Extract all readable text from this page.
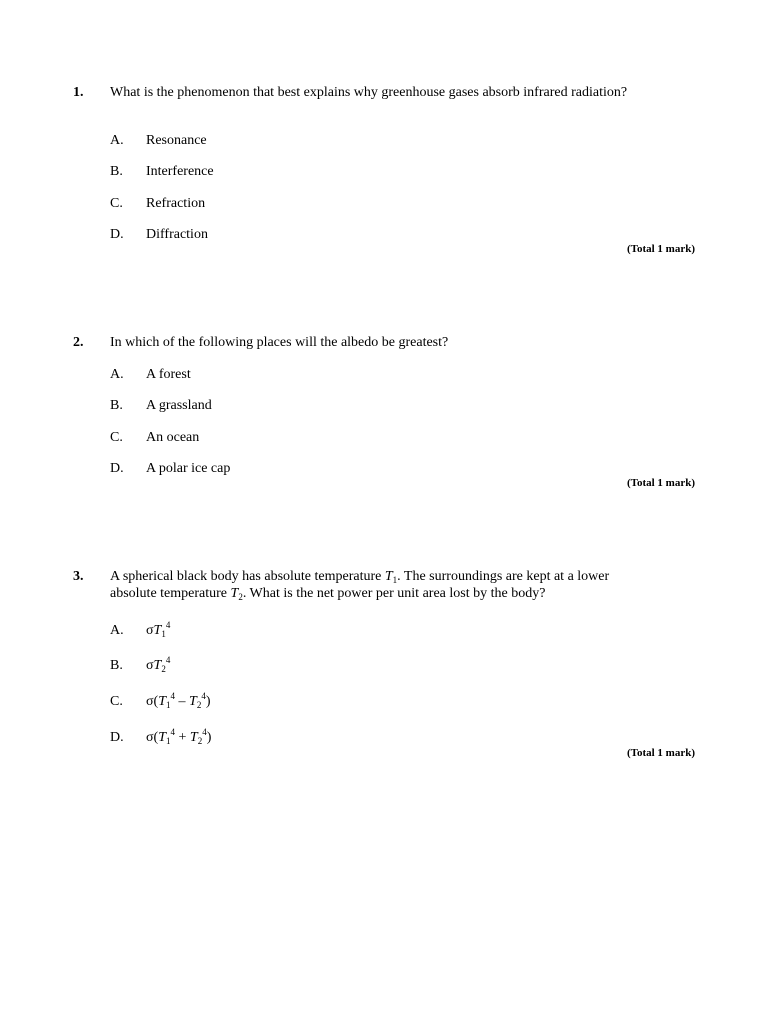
1. What is the phenomenon that best explains why greenhouse gases absorb infrared radiation?
A. Resonance
B. Interference
C. Refraction
D. Diffraction
(Total 1 mark)
2. In which of the following places will the albedo be greatest?
A. A forest
B. A grassland
C. An ocean
D. A polar ice cap
(Total 1 mark)
3. A spherical black body has absolute temperature $T_1$. The surroundings are kept at a lower absolute temperature $T_2$. What is the net power per unit area lost by the body?
A. $\sigma T_1^4$
B. $\sigma T_2^4$
C. $\sigma(T_1^4 - T_2^4)$
D. $\sigma(T_1^4 + T_2^4)$
(Total 1 mark)
